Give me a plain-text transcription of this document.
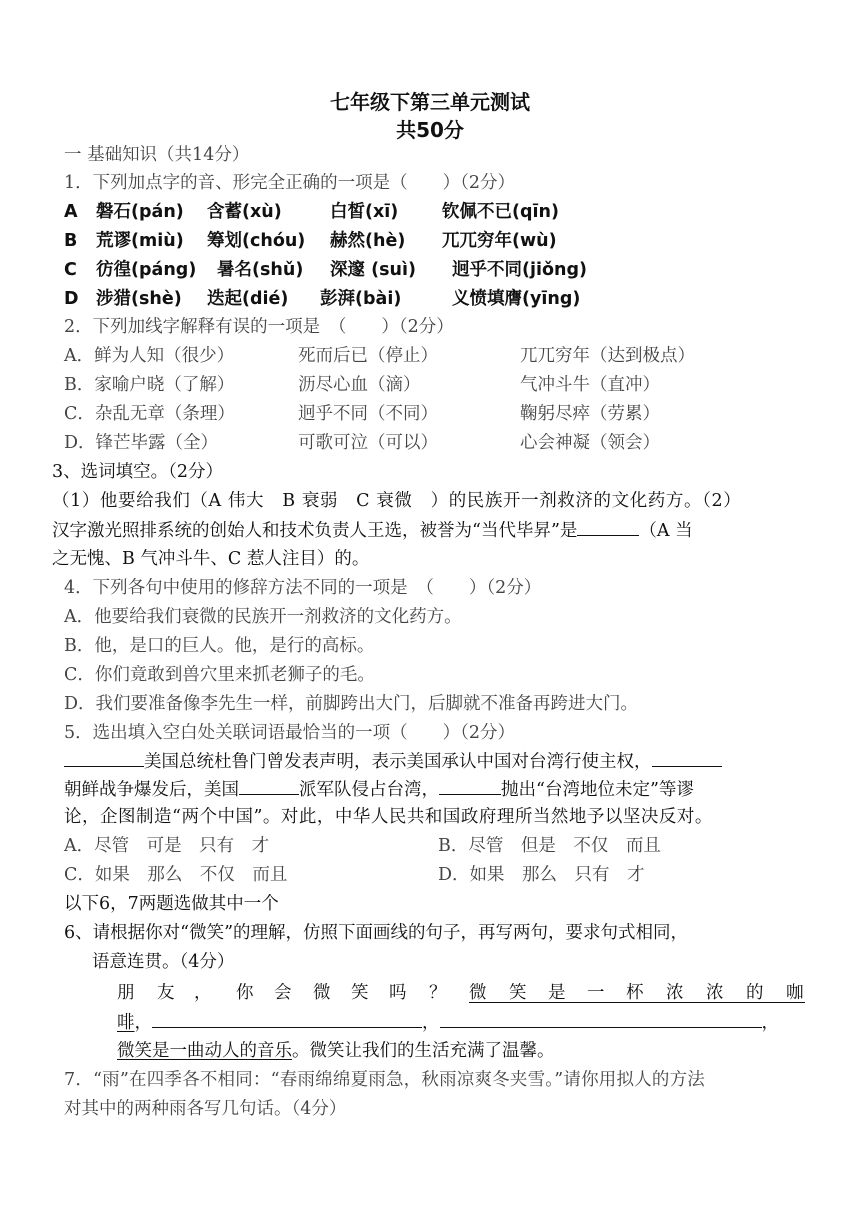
七年级下第三单元测试
共50分
一 基础知识（共14分）
1．下列加点字的音、形完全正确的一项是（　　）（2分）
A 磐石(pán) 含蓄(xù)	白皙(xī) 钦佩不已(qīn)
B 荒谬(miù) 筹划(chóu) 赫然(hè) 兀兀穷年(wù)
C 彷徨(páng) 暑名(shǔ) 深邃 (suì) 迥乎不同(jiǒng)
D 涉猎(shè) 迭起(dié) 彭湃(bài)	义愤填膺(yīng)
2．下列加线字解释有误的一项是　（　　）（2分）
A．鲜为人知（很少）	死而后已（停止）	兀兀穷年（达到极点）
B．家喻户晓（了解）	沥尽心血（滴）	气冲斗牛（直冲）
C．杂乱无章（条理）	迥乎不同（不同）	鞠躬尽瘁（劳累）
D．锋芒毕露（全）	可歌可泣（可以）	心会神凝（领会）
3、选词填空。（2分）
（1）他要给我们（A 伟大　B 衰弱　C 衰微　）的民族开一剂救济的文化药方。（2）
汉字激光照排系统的创始人和技术负责人王选，被誉为“当代毕昇”是	（A 当
之无愧、B 气冲斗牛、C 惹人注目）的。
4．下列各句中使用的修辞方法不同的一项是　（　　）（2分）
A．他要给我们衰微的民族开一剂救济的文化药方。
B．他，是口的巨人。他，是行的高标。
C．你们竟敢到兽穴里来抓老狮子的毛。
D．我们要准备像李先生一样，前脚跨出大门，后脚就不准备再跨进大门。
5．选出填入空白处关联词语最恰当的一项（　　）（2分）
美国总统杜鲁门曾发表声明，表示美国承认中国对台湾行使主权，
朝鲜战争爆发后，美国	派军队侵占台湾，	抛出“台湾地位未定”等谬
论，企图制造“两个中国”。对此，中华人民共和国政府理所当然地予以坚决反对。
A．尽管　可是　只有　才	B．尽管　但是　不仅　而且
C．如果　那么　不仅　而且	D．如果　那么　只有　才
以下6，7两题选做其中一个
6、请根据你对“微笑”的理解，仿照下面画线的句子，再写两句，要求句式相同，
语意连贯。（4分）
朋 友 ， 你 会 微 笑 吗 ？ 微 笑 是 一 杯 浓 浓 的 咖
啡，	，	，
微笑是一曲动人的音乐。微笑让我们的生活充满了温馨。
7．“雨”在四季各不相同：“春雨绵绵夏雨急，秋雨凉爽冬夹雪。”请你用拟人的方法
对其中的两种雨各写几句话。（4分）
